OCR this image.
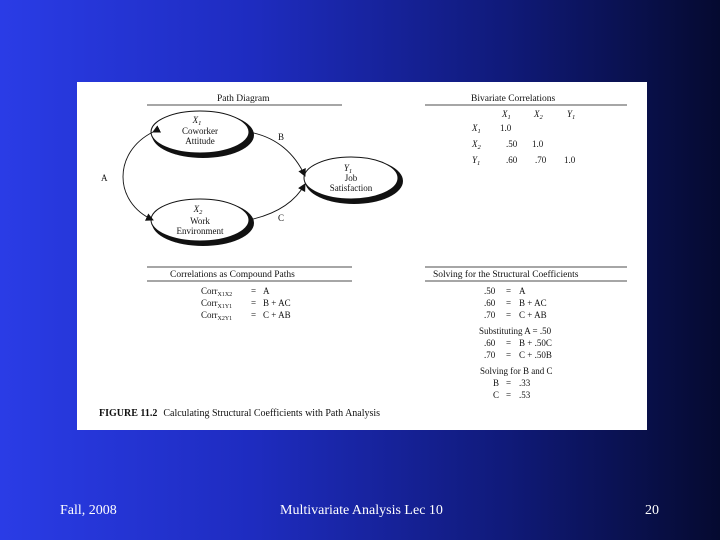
Path Diagram
$X_1$
Coworker
Attitude
$X_2$
Work
Environment
$Y_1$
Job
Satisfaction
A
B
C
Bivariate Correlations
$X_1$	$X_2$	$Y_1$
$X_1$ 1.0
$X_2$	.50 1.0
$Y_1$	.60 .70 1.0
Correlations as Compound Paths
Corr$_{X1X2}$ = A
Corr$_{X1Y1}$ = B + AC
Corr$_{X2Y1}$ = C + AB
Solving for the Structural Coefficients
.50 = A
.60 = B + AC
.70 = C + AB
Substituting A = .50
.60 = B + .50C
.70 = C + .50B
Solving for B and C
B = .33
C = .53
FIGURE 11.2 Calculating Structural Coefficients with Path Analysis
Fall, 2008	Multivariate Analysis Lec 10	20
